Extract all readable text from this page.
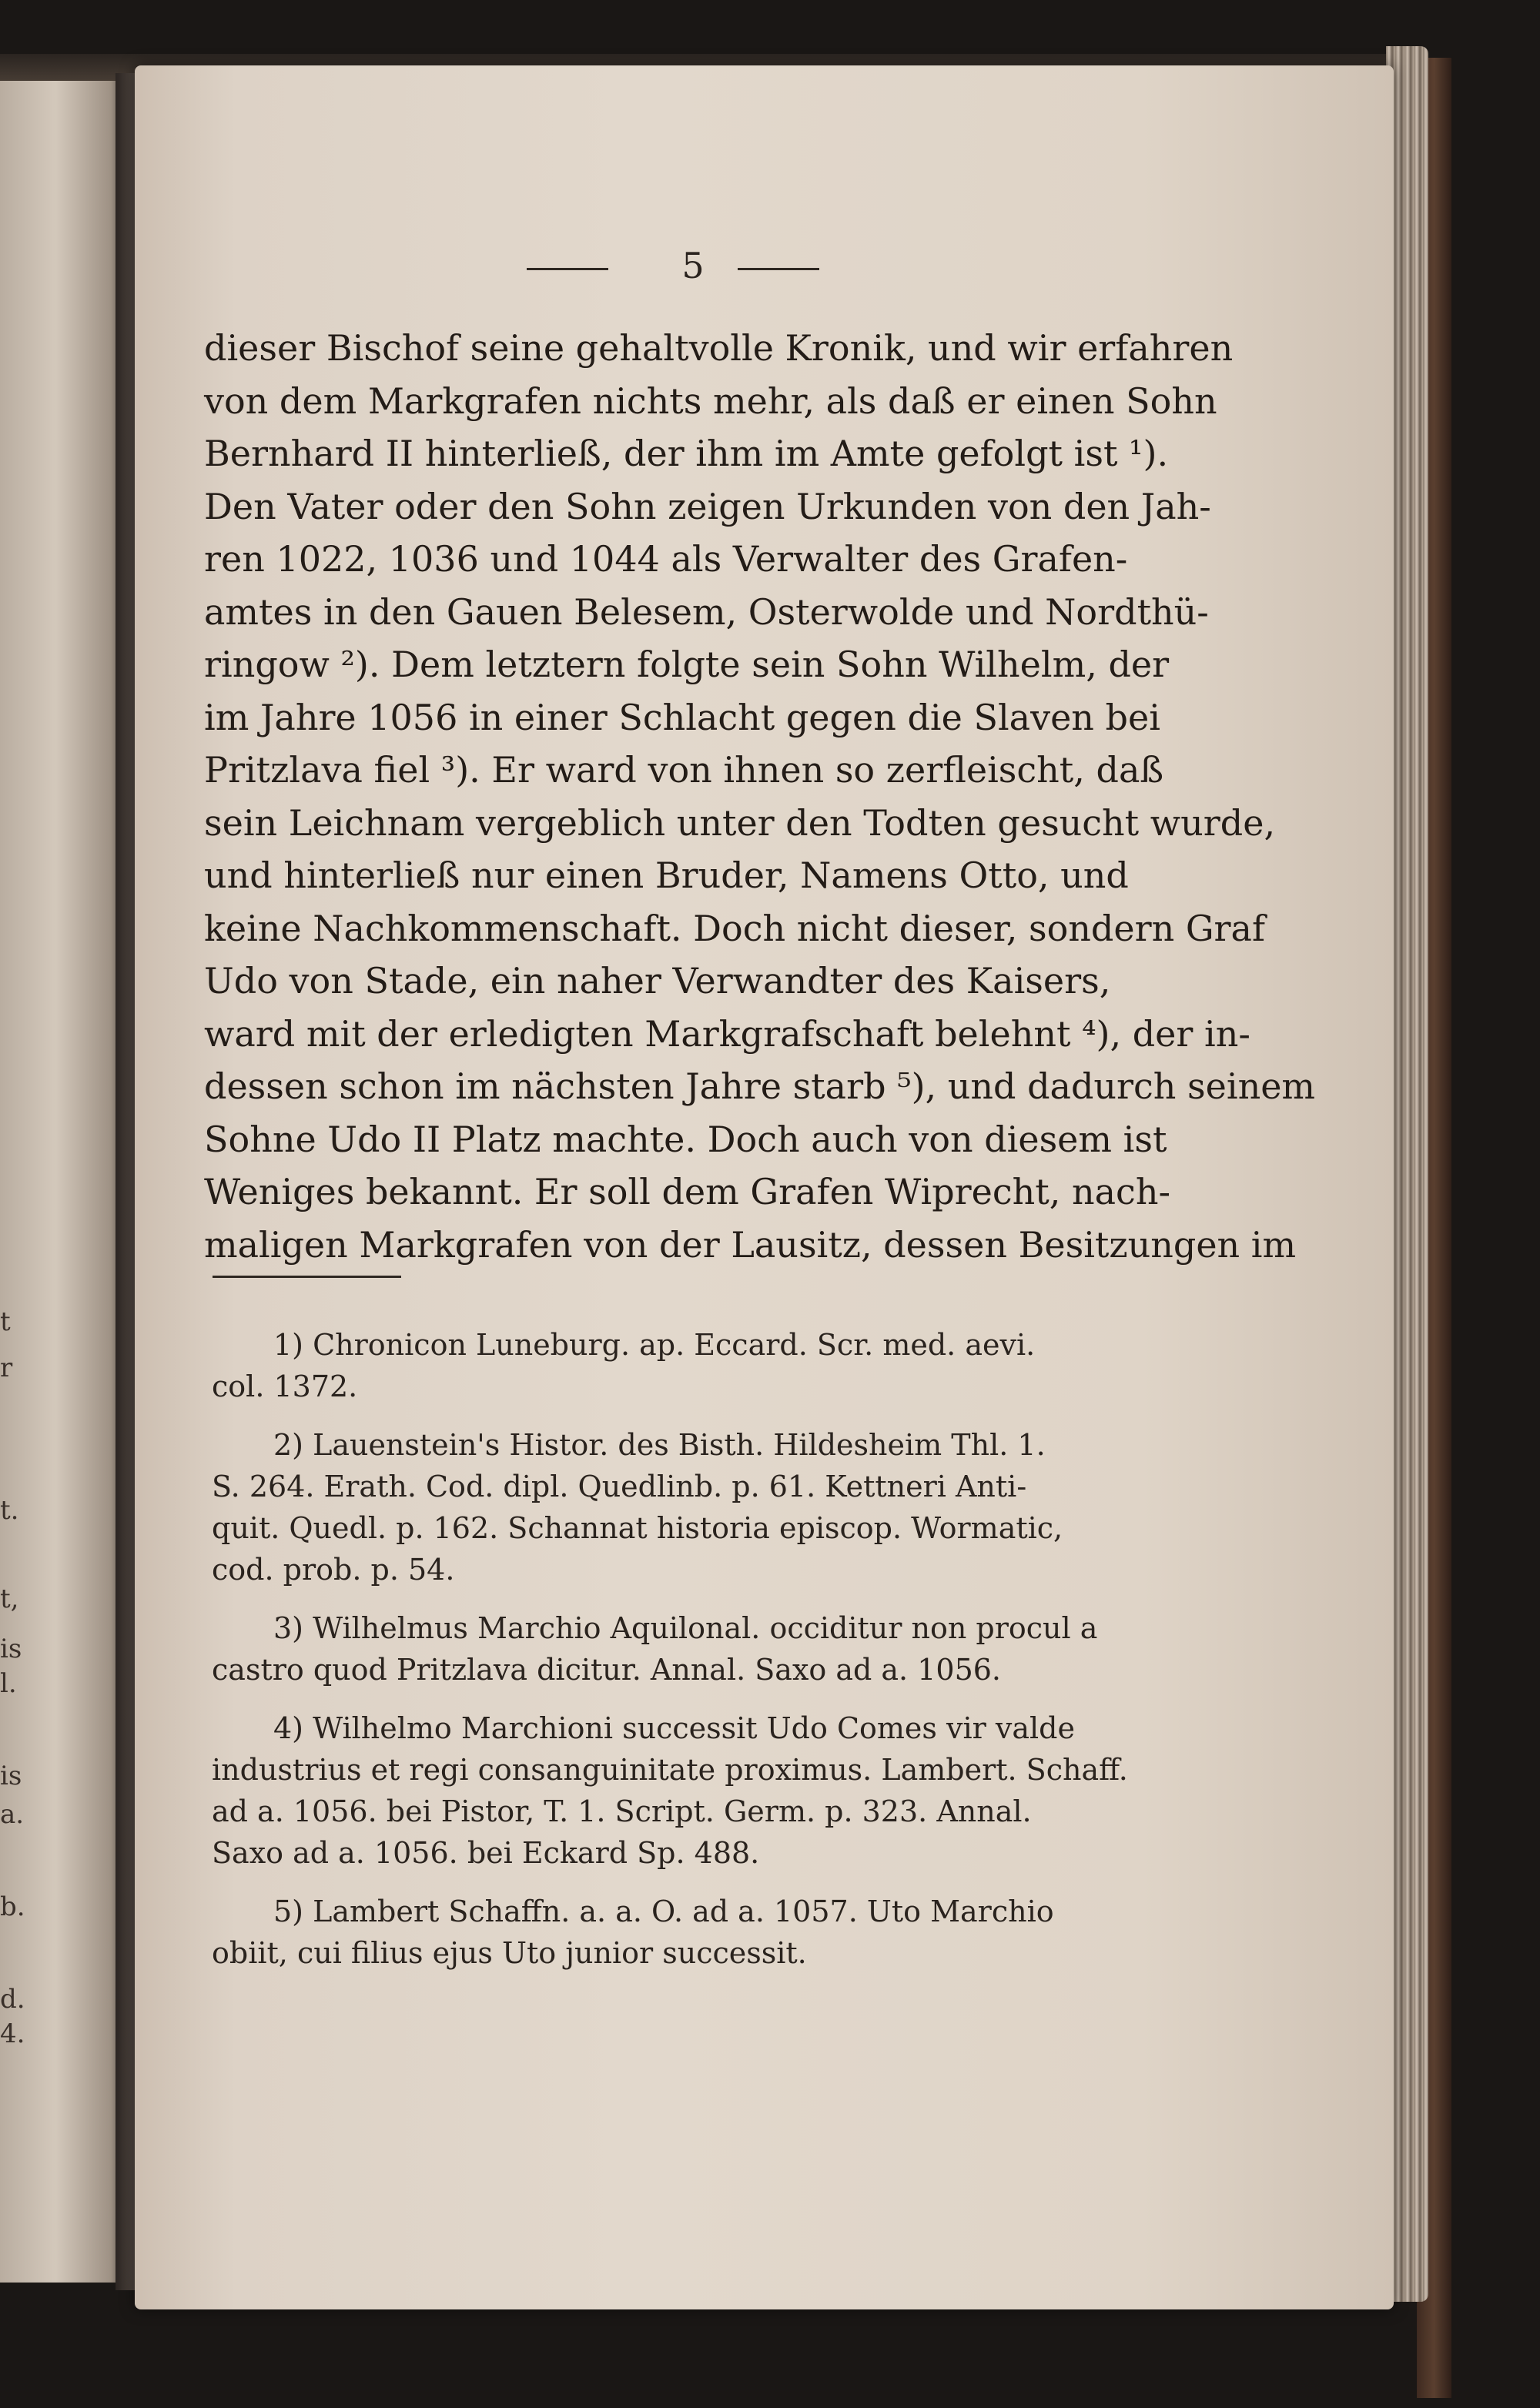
t
r
t.
t,
is
l.
is
a.
b.
d.
4.
5
dieser Bischof seine gehaltvolle Kronik, und wir erfahren
von dem Markgrafen nichts mehr, als daß er einen Sohn
Bernhard II hinterließ, der ihm im Amte gefolgt ist ¹).
Den Vater oder den Sohn zeigen Urkunden von den Jah-
ren 1022, 1036 und 1044 als Verwalter des Grafen-
amtes in den Gauen Belesem, Osterwolde und Nordthü-
ringow ²). Dem letztern folgte sein Sohn Wilhelm, der
im Jahre 1056 in einer Schlacht gegen die Slaven bei
Pritzlava fiel ³). Er ward von ihnen so zerfleischt, daß
sein Leichnam vergeblich unter den Todten gesucht wurde,
und hinterließ nur einen Bruder, Namens Otto, und
keine Nachkommenschaft. Doch nicht dieser, sondern Graf
Udo von Stade, ein naher Verwandter des Kaisers,
ward mit der erledigten Markgrafschaft belehnt ⁴), der in-
dessen schon im nächsten Jahre starb ⁵), und dadurch seinem
Sohne Udo II Platz machte. Doch auch von diesem ist
Weniges bekannt. Er soll dem Grafen Wiprecht, nach-
maligen Markgrafen von der Lausitz, dessen Besitzungen im
1) Chronicon Luneburg. ap. Eccard. Scr. med. aevi.
col. 1372.
2) Lauenstein's Histor. des Bisth. Hildesheim Thl. 1.
S. 264. Erath. Cod. dipl. Quedlinb. p. 61. Kettneri Anti-
quit. Quedl. p. 162. Schannat historia episcop. Wormatic,
cod. prob. p. 54.
3) Wilhelmus Marchio Aquilonal. occiditur non procul a
castro quod Pritzlava dicitur. Annal. Saxo ad a. 1056.
4) Wilhelmo Marchioni successit Udo Comes vir valde
industrius et regi consanguinitate proximus. Lambert. Schaff.
ad a. 1056. bei Pistor, T. 1. Script. Germ. p. 323. Annal.
Saxo ad a. 1056. bei Eckard Sp. 488.
5) Lambert Schaffn. a. a. O. ad a. 1057. Uto Marchio
obiit, cui filius ejus Uto junior successit.
